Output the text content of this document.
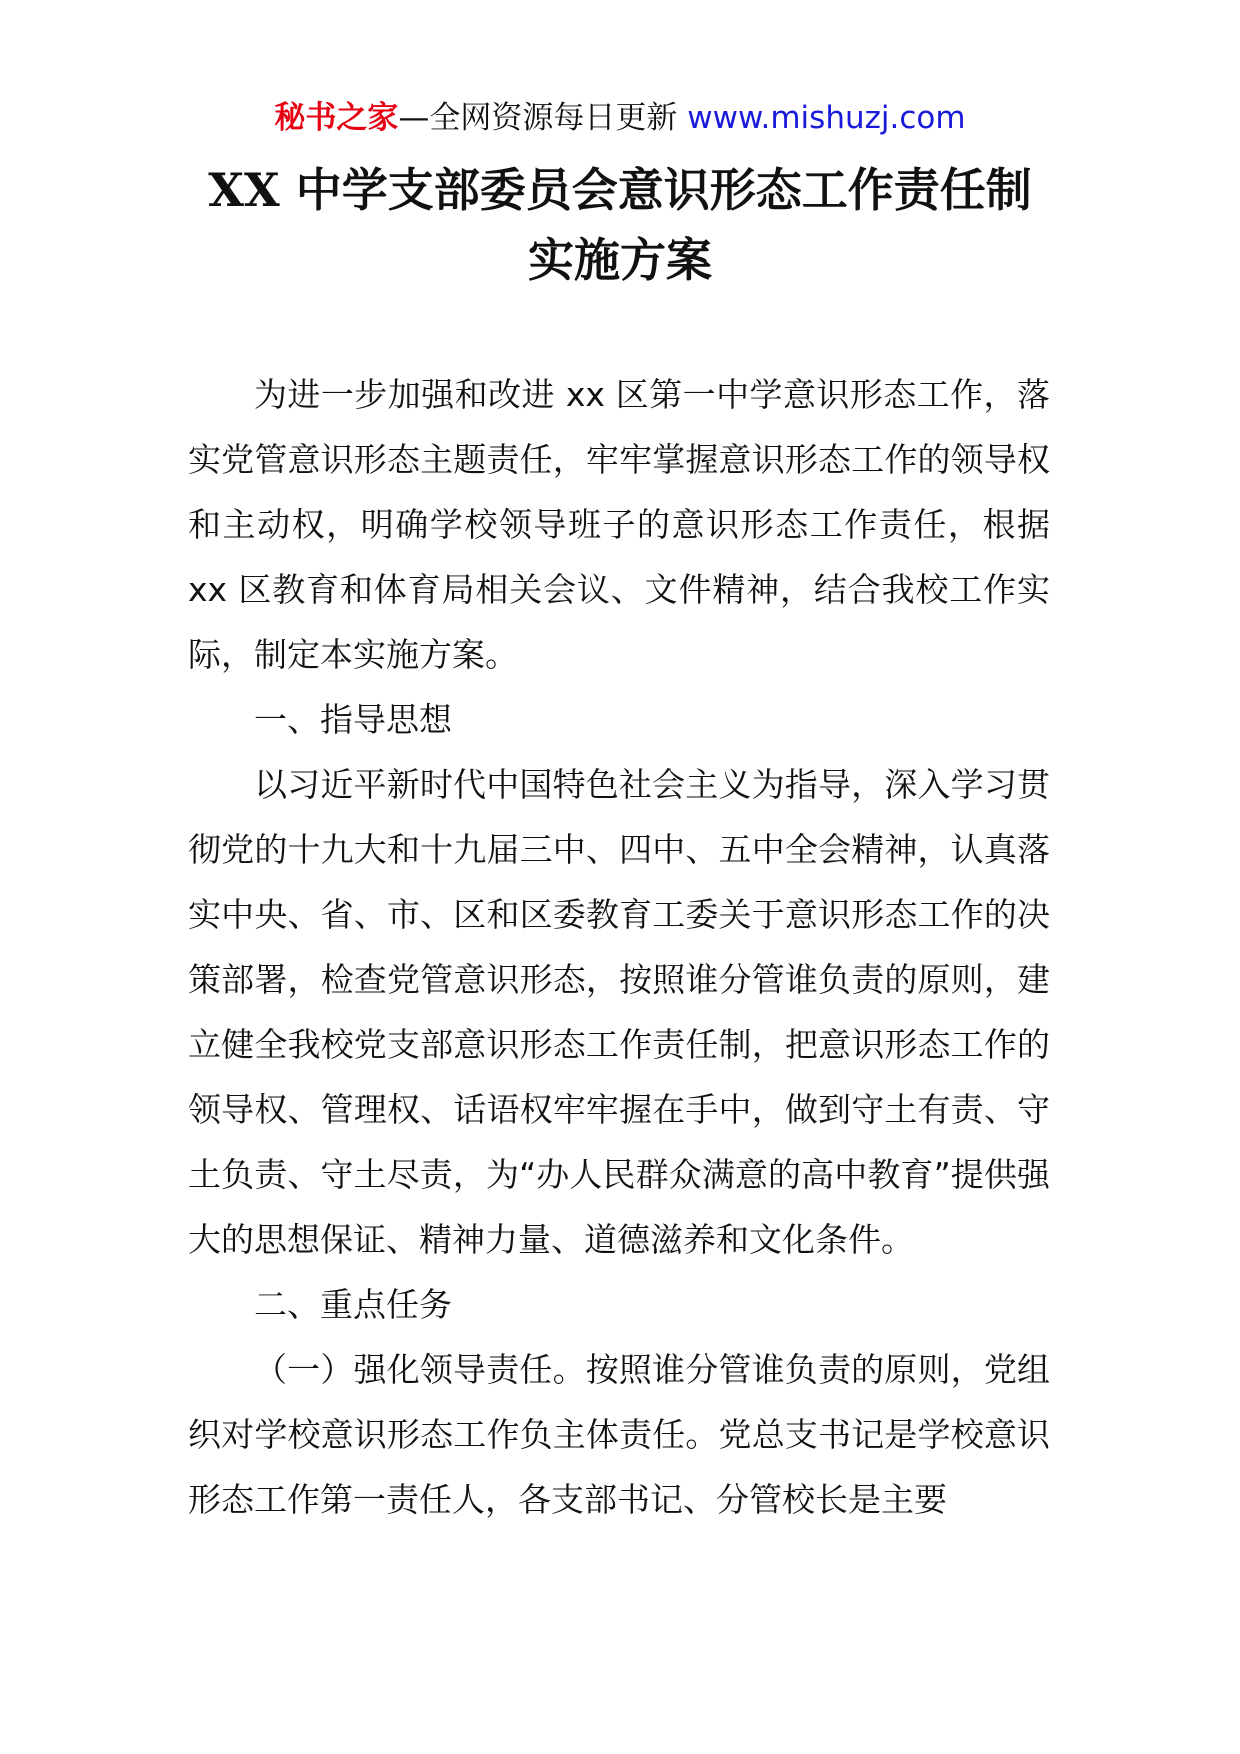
秘书之家—全网资源每日更新 www.mishuzj.com
XX 中学支部委员会意识形态工作责任制
实施方案

为进一步加强和改进 xx 区第一中学意识形态工作，落实党管意识形态主题责任，牢牢掌握意识形态工作的领导权和主动权，明确学校领导班子的意识形态工作责任，根据 xx 区教育和体育局相关会议、文件精神，结合我校工作实际，制定本实施方案。

一、指导思想

以习近平新时代中国特色社会主义为指导，深入学习贯彻党的十九大和十九届三中、四中、五中全会精神，认真落实中央、省、市、区和区委教育工委关于意识形态工作的决策部署，检查党管意识形态，按照谁分管谁负责的原则，建立健全我校党支部意识形态工作责任制，把意识形态工作的领导权、管理权、话语权牢牢握在手中，做到守土有责、守土负责、守土尽责，为“办人民群众满意的高中教育”提供强大的思想保证、精神力量、道德滋养和文化条件。

二、重点任务

（一）强化领导责任。按照谁分管谁负责的原则，党组织对学校意识形态工作负主体责任。党总支书记是学校意识形态工作第一责任人，各支部书记、分管校长是主要
